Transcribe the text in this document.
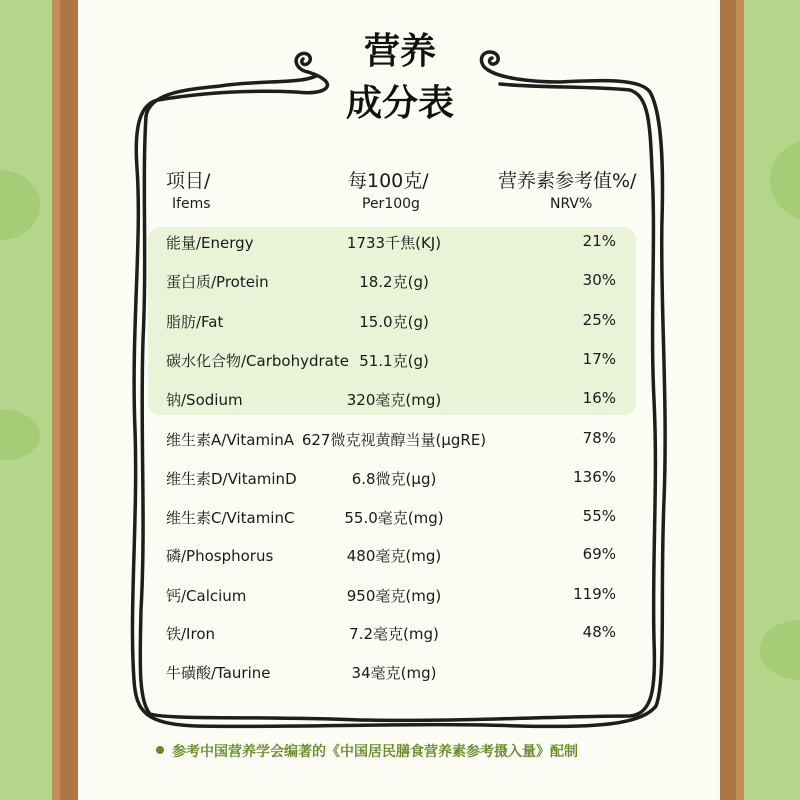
营养
成分表
项目/
Ifems
每100克/
Per100g
营养素参考值%/
NRV%
能量/Energy	1733千焦(KJ)	21%
蛋白质/Protein	18.2克(g)	30%
脂肪/Fat	15.0克(g)	25%
碳水化合物/Carbohydrate 51.1克(g)	17%
钠/Sodium	320毫克(mg)	16%
维生素A/VitaminA 627微克视黄醇当量(μgRE)	78%
维生素D/VitaminD	6.8微克(μg)	136%
维生素C/VitaminC	55.0毫克(mg)	55%
磷/Phosphorus	480毫克(mg)	69%
钙/Calcium	950毫克(mg)	119%
铁/Iron	7.2毫克(mg)	48%
牛磺酸/Taurine	34毫克(mg)
参考中国营养学会编著的《中国居民膳食营养素参考摄入量》配制
